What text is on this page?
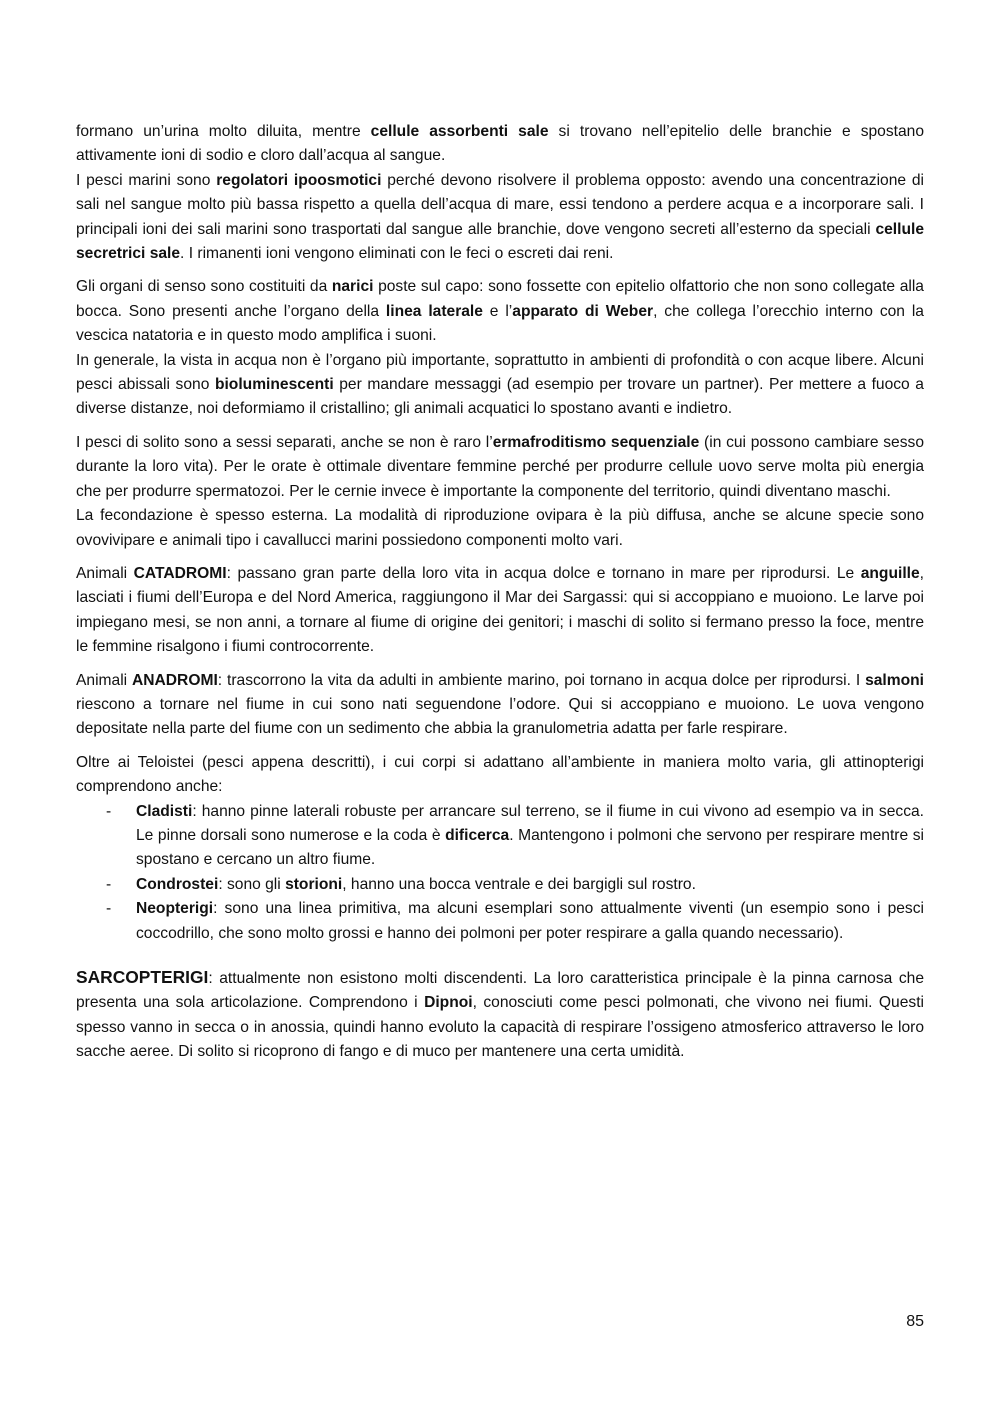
formano un’urina molto diluita, mentre cellule assorbenti sale si trovano nell’epitelio delle branchie e spostano attivamente ioni di sodio e cloro dall’acqua al sangue.

I pesci marini sono regolatori ipoosmotici perché devono risolvere il problema opposto: avendo una concentrazione di sali nel sangue molto più bassa rispetto a quella dell’acqua di mare, essi tendono a perdere acqua e a incorporare sali. I principali ioni dei sali marini sono trasportati dal sangue alle branchie, dove vengono secreti all’esterno da speciali cellule secretrici sale. I rimanenti ioni vengono eliminati con le feci o escreti dai reni.

Gli organi di senso sono costituiti da narici poste sul capo: sono fossette con epitelio olfattorio che non sono collegate alla bocca. Sono presenti anche l’organo della linea laterale e l’apparato di Weber, che collega l’orecchio interno con la vescica natatoria e in questo modo amplifica i suoni.

In generale, la vista in acqua non è l’organo più importante, soprattutto in ambienti di profondità o con acque libere. Alcuni pesci abissali sono bioluminescenti per mandare messaggi (ad esempio per trovare un partner). Per mettere a fuoco a diverse distanze, noi deformiamo il cristallino; gli animali acquatici lo spostano avanti e indietro.

I pesci di solito sono a sessi separati, anche se non è raro l’ermafroditismo sequenziale (in cui possono cambiare sesso durante la loro vita). Per le orate è ottimale diventare femmine perché per produrre cellule uovo serve molta più energia che per produrre spermatozoi. Per le cernie invece è importante la componente del territorio, quindi diventano maschi.

La fecondazione è spesso esterna. La modalità di riproduzione ovipara è la più diffusa, anche se alcune specie sono ovovivipare e animali tipo i cavallucci marini possiedono componenti molto vari.

Animali CATADROMI: passano gran parte della loro vita in acqua dolce e tornano in mare per riprodursi. Le anguille, lasciati i fiumi dell’Europa e del Nord America, raggiungono il Mar dei Sargassi: qui si accoppiano e muoiono. Le larve poi impiegano mesi, se non anni, a tornare al fiume di origine dei genitori; i maschi di solito si fermano presso la foce, mentre le femmine risalgono i fiumi controcorrente.

Animali ANADROMI: trascorrono la vita da adulti in ambiente marino, poi tornano in acqua dolce per riprodursi. I salmoni riescono a tornare nel fiume in cui sono nati seguendone l’odore. Qui si accoppiano e muoiono. Le uova vengono depositate nella parte del fiume con un sedimento che abbia la granulometria adatta per farle respirare.

Oltre ai Teloistei (pesci appena descritti), i cui corpi si adattano all’ambiente in maniera molto varia, gli attinopterigi comprendono anche:

- Cladisti: hanno pinne laterali robuste per arrancare sul terreno, se il fiume in cui vivono ad esempio va in secca. Le pinne dorsali sono numerose e la coda è dificerca. Mantengono i polmoni che servono per respirare mentre si spostano e cercano un altro fiume.
- Condrostei: sono gli storioni, hanno una bocca ventrale e dei bargigli sul rostro.
- Neopterigi: sono una linea primitiva, ma alcuni esemplari sono attualmente viventi (un esempio sono i pesci coccodrillo, che sono molto grossi e hanno dei polmoni per poter respirare a galla quando necessario).

SARCOPTERIGI: attualmente non esistono molti discendenti. La loro caratteristica principale è la pinna carnosa che presenta una sola articolazione. Comprendono i Dipnoi, conosciuti come pesci polmonati, che vivono nei fiumi. Questi spesso vanno in secca o in anossia, quindi hanno evoluto la capacità di respirare l’ossigeno atmosferico attraverso le loro sacche aeree. Di solito si ricoprono di fango e di muco per mantenere una certa umidità.

85
